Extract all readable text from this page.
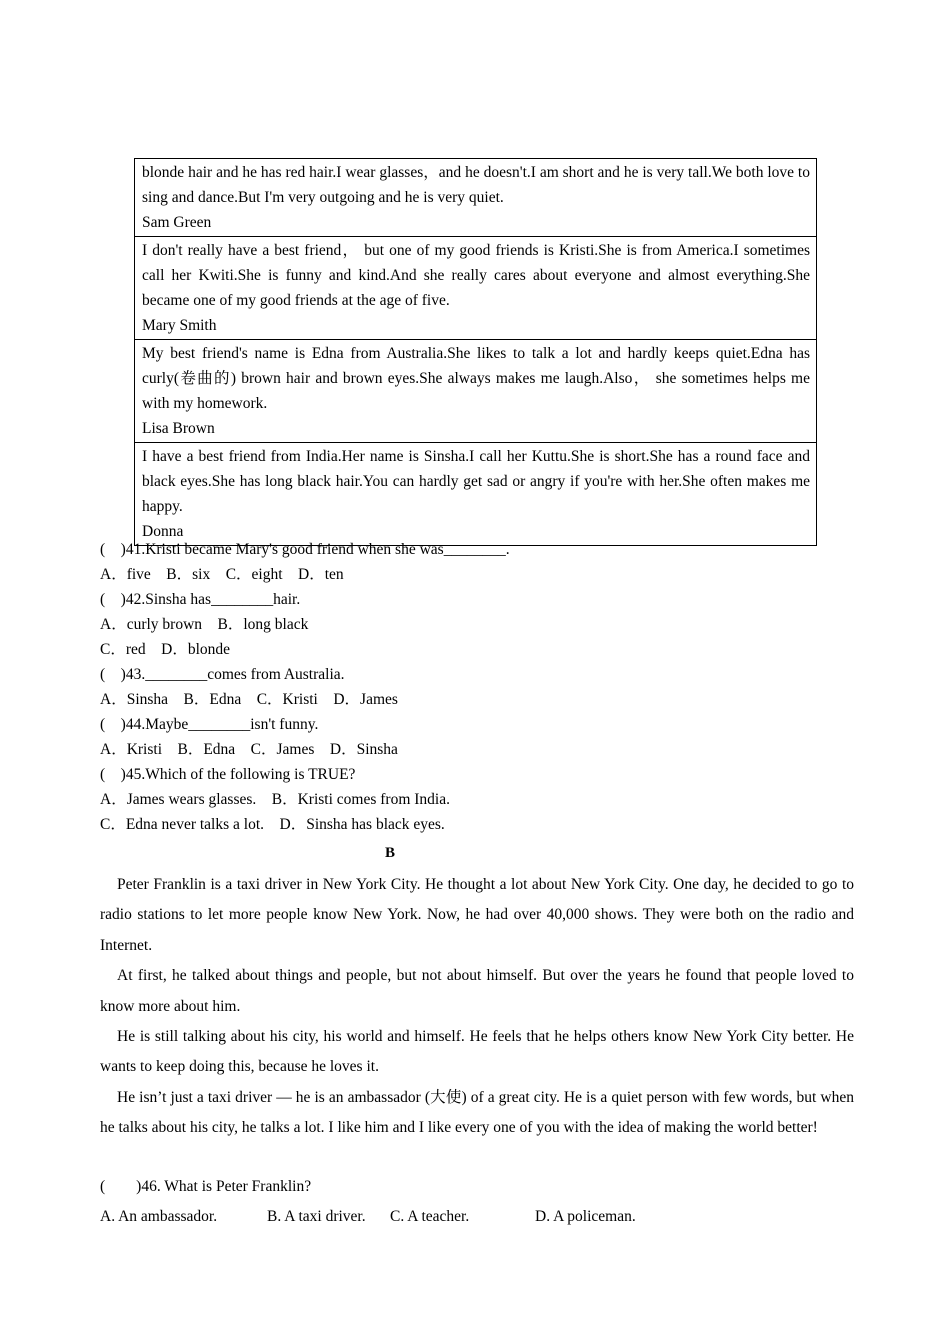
blonde hair and he has red hair.I wear glasses，and he doesn't.I am short and he is very tall.We both love to sing and dance.But I'm very outgoing and he is very quiet.
Sam Green

I don't really have a best friend， but one of my good friends is Kristi.She is from America.I sometimes call her Kwiti.She is funny and kind.And she really cares about everyone and almost everything.She became one of my good friends at the age of five.
Mary Smith

My best friend's name is Edna from Australia.She likes to talk a lot and hardly keeps quiet.Edna has curly(卷曲的) brown hair and brown eyes.She always makes me laugh.Also， she sometimes helps me with my homework.
Lisa Brown

I have a best friend from India.Her name is Sinsha.I call her Kuttu.She is short.She has a round face and black eyes.She has long black hair.You can hardly get sad or angry if you're with her.She often makes me happy.
Donna
(　)41.Kristi became Mary's good friend when she was________.
A．five　B．six　C．eight　D．ten
(　)42.Sinsha has________hair.
A．curly brown　B．long black
C．red　D．blonde
(　)43.________comes from Australia.
A．Sinsha　B．Edna　C．Kristi　D．James
(　)44.Maybe________isn't funny.
A．Kristi　B．Edna　C．James　D．Sinsha
(　)45.Which of the following is TRUE?
A．James wears glasses.　B．Kristi comes from India.
C．Edna never talks a lot.　D．Sinsha has black eyes.
B

Peter Franklin is a taxi driver in New York City. He thought a lot about New York City. One day, he decided to go to radio stations to let more people know New York. Now, he had over 40,000 shows. They were both on the radio and Internet.

At first, he talked about things and people, but not about himself. But over the years he found that people loved to know more about him.

He is still talking about his city, his world and himself. He feels that he helps others know New York City better. He wants to keep doing this, because he loves it.

He isn’t just a taxi driver — he is an ambassador (大使) of a great city. He is a quiet person with few words, but when he talks about his city, he talks a lot. I like him and I like every one of you with the idea of making the world better!

(　　)46. What is Peter Franklin?
A. An ambassador.	B. A taxi driver. C. A teacher.	D. A policeman.
